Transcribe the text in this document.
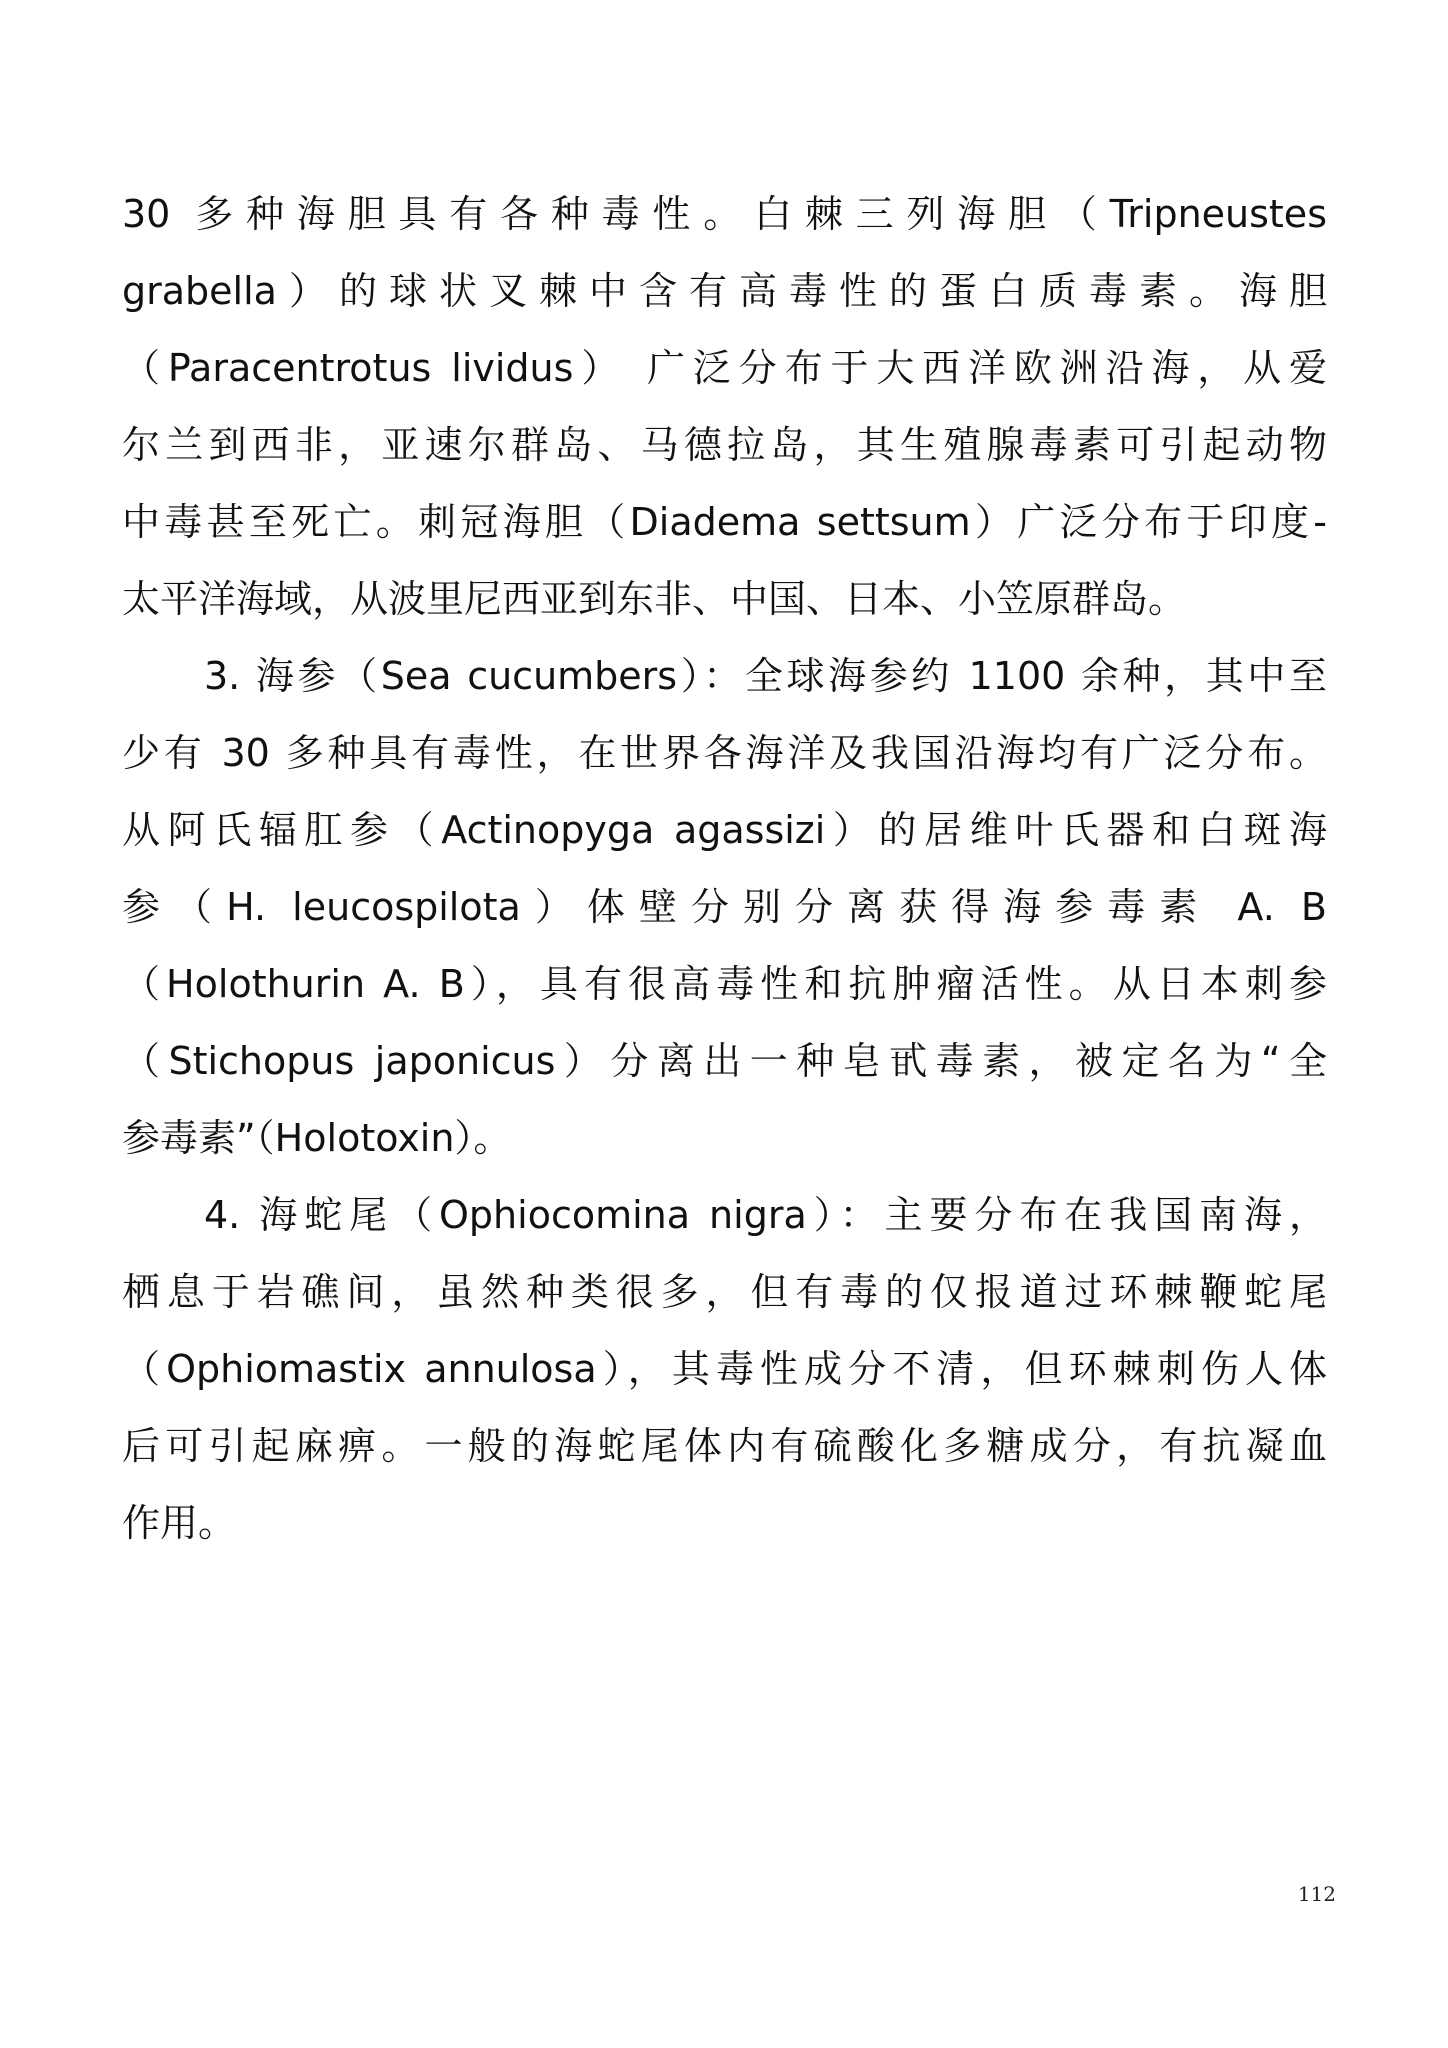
30 多种海胆具有各种毒性。白棘三列海胆（Tripneustes
grabella）的球状叉棘中含有高毒性的蛋白质毒素。海胆
（Paracentrotus lividus） 广泛分布于大西洋欧洲沿海，从爱
尔兰到西非，亚速尔群岛、马德拉岛，其生殖腺毒素可引起动物
中毒甚至死亡。刺冠海胆（Diadema settsum）广泛分布于印度-
太平洋海域，从波里尼西亚到东非、中国、日本、小笠原群岛。
3. 海参（Sea cucumbers）：全球海参约 1100 余种，其中至
少有 30 多种具有毒性，在世界各海洋及我国沿海均有广泛分布。
从阿氏辐肛参（Actinopyga agassizi）的居维叶氏器和白斑海
参（H. leucospilota）体壁分别分离获得海参毒素 A. B
（Holothurin A. B），具有很高毒性和抗肿瘤活性。从日本刺参
（Stichopus japonicus）分离出一种皂甙毒素，被定名为“全
参毒素”（Holotoxin）。
4. 海蛇尾（Ophiocomina nigra）：主要分布在我国南海，
栖息于岩礁间，虽然种类很多，但有毒的仅报道过环棘鞭蛇尾
（Ophiomastix annulosa），其毒性成分不清，但环棘刺伤人体
后可引起麻痹。一般的海蛇尾体内有硫酸化多糖成分，有抗凝血
作用。
112
